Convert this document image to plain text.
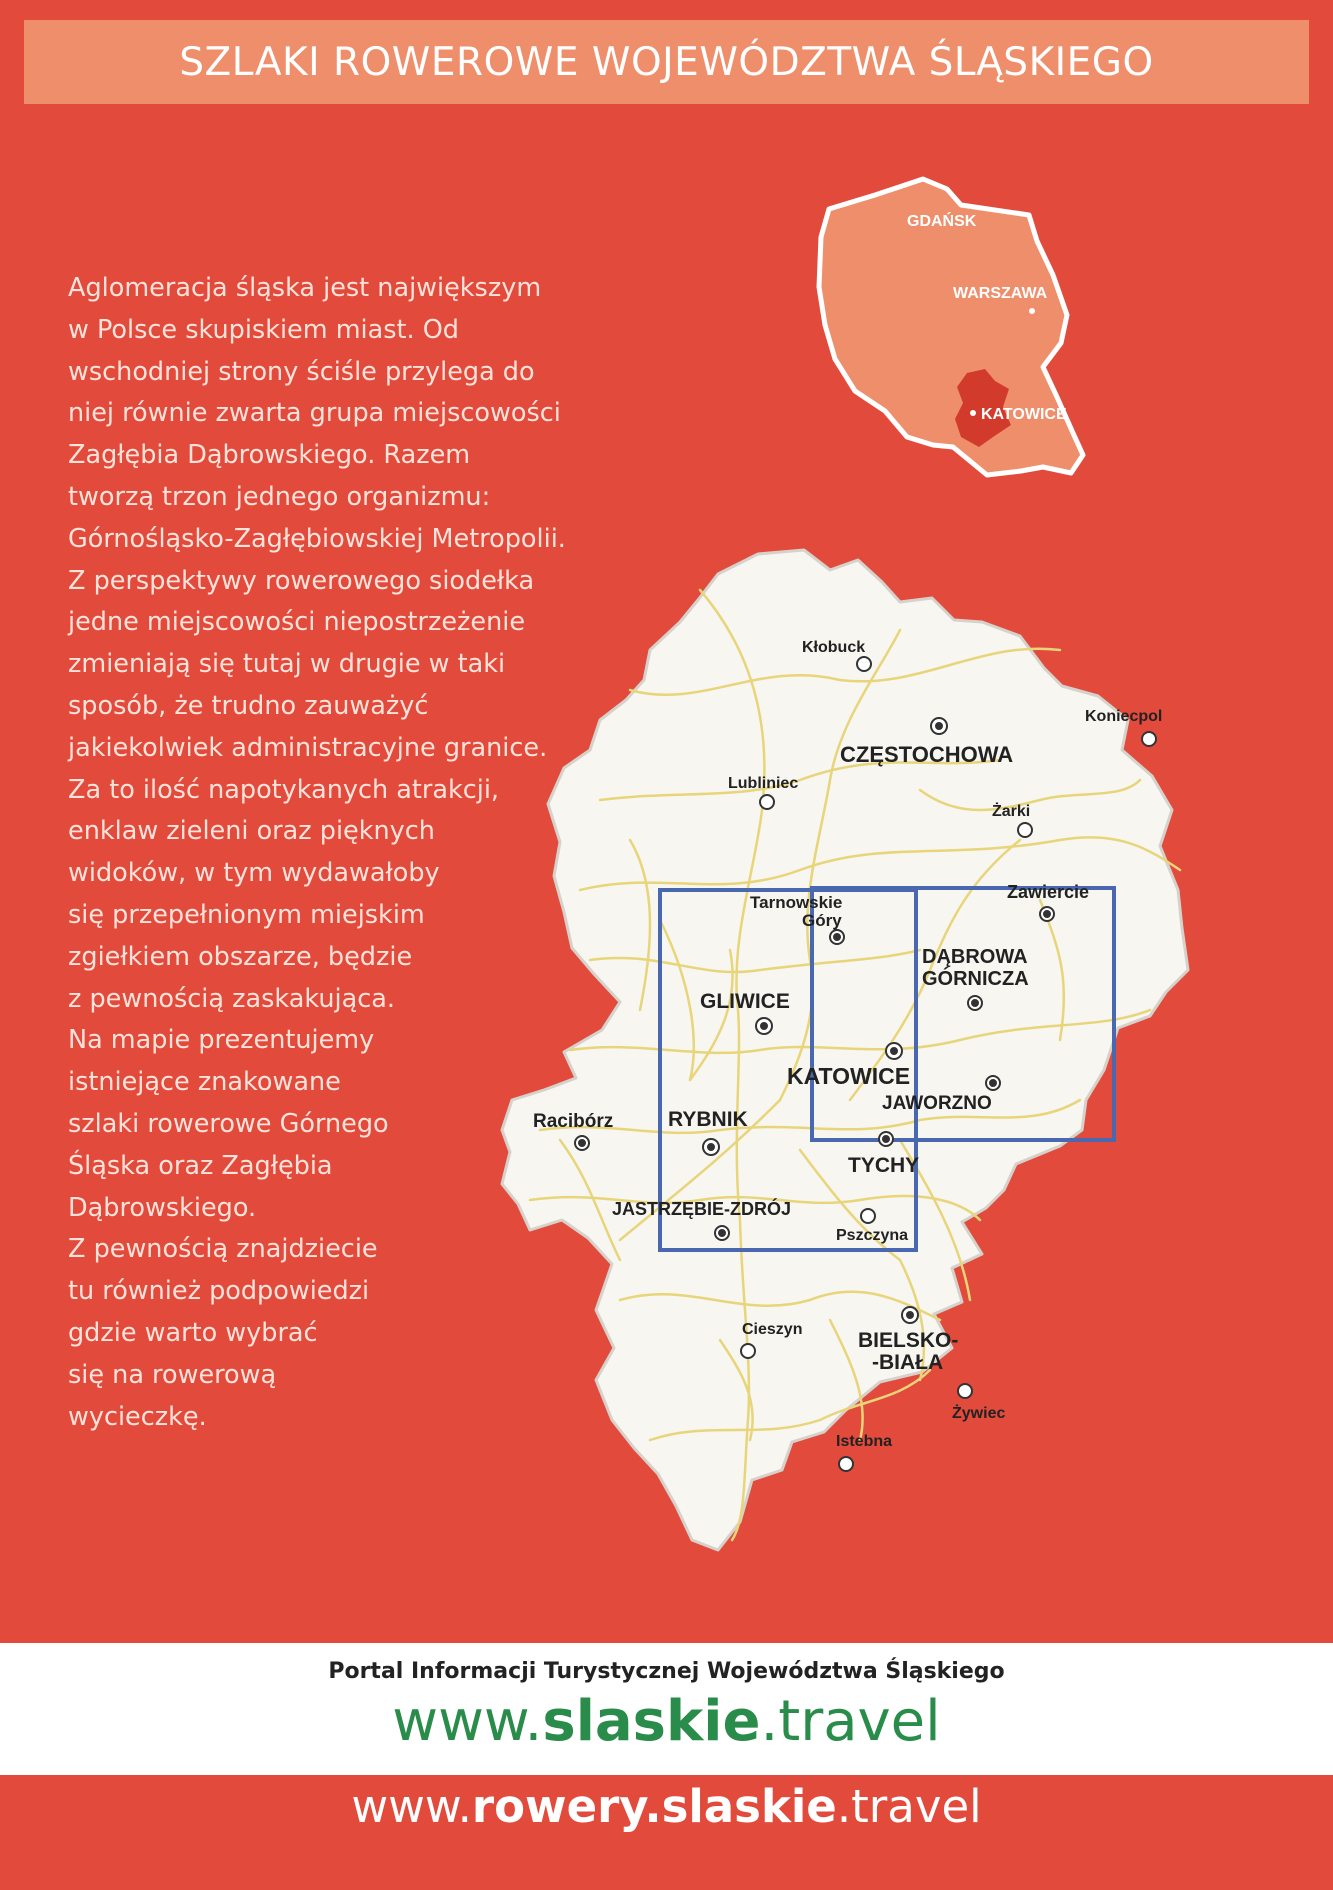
SZLAKI ROWEROWE WOJEWÓDZTWA ŚLĄSKIEGO
Aglomeracja śląska jest największym
w Polsce skupiskiem miast. Od
wschodniej strony ściśle przylega do
niej równie zwarta grupa miejscowości
Zagłębia Dąbrowskiego. Razem
tworzą trzon jednego organizmu:
Górnośląsko-Zagłębiowskiej Metropolii.
Z perspektywy rowerowego siodełka
jedne miejscowości niepostrzeżenie
zmieniają się tutaj w drugie w taki
sposób, że trudno zauważyć
jakiekolwiek administracyjne granice.
Za to ilość napotykanych atrakcji,
enklaw zieleni oraz pięknych
widoków, w tym wydawałoby
się przepełnionym miejskim
zgiełkiem obszarze, będzie
z pewnością zaskakująca.
Na mapie prezentujemy
istniejące znakowane
szlaki rowerowe Górnego
Śląska oraz Zagłębia
Dąbrowskiego.
Z pewnością znajdziecie
tu również podpowiedzi
gdzie warto wybrać
się na rowerową
wycieczkę.
GDAŃSK
WARSZAWA
KATOWICE
Kłobuck
Koniecpol
CZĘSTOCHOWA
Lubliniec
Żarki
Zawiercie
Tarnowskie
Góry
DĄBROWA
GÓRNICZA
GLIWICE
KATOWICE
JAWORZNO
Racibórz	RYBNIK
TYCHY
JASTRZĘBIE-ZDRÓJ
Pszczyna
Cieszyn	BIELSKO-
-BIAŁA
Żywiec
Istebna
Portal Informacji Turystycznej Województwa Śląskiego
www.slaskie.travel
www.rowery.slaskie.travel
